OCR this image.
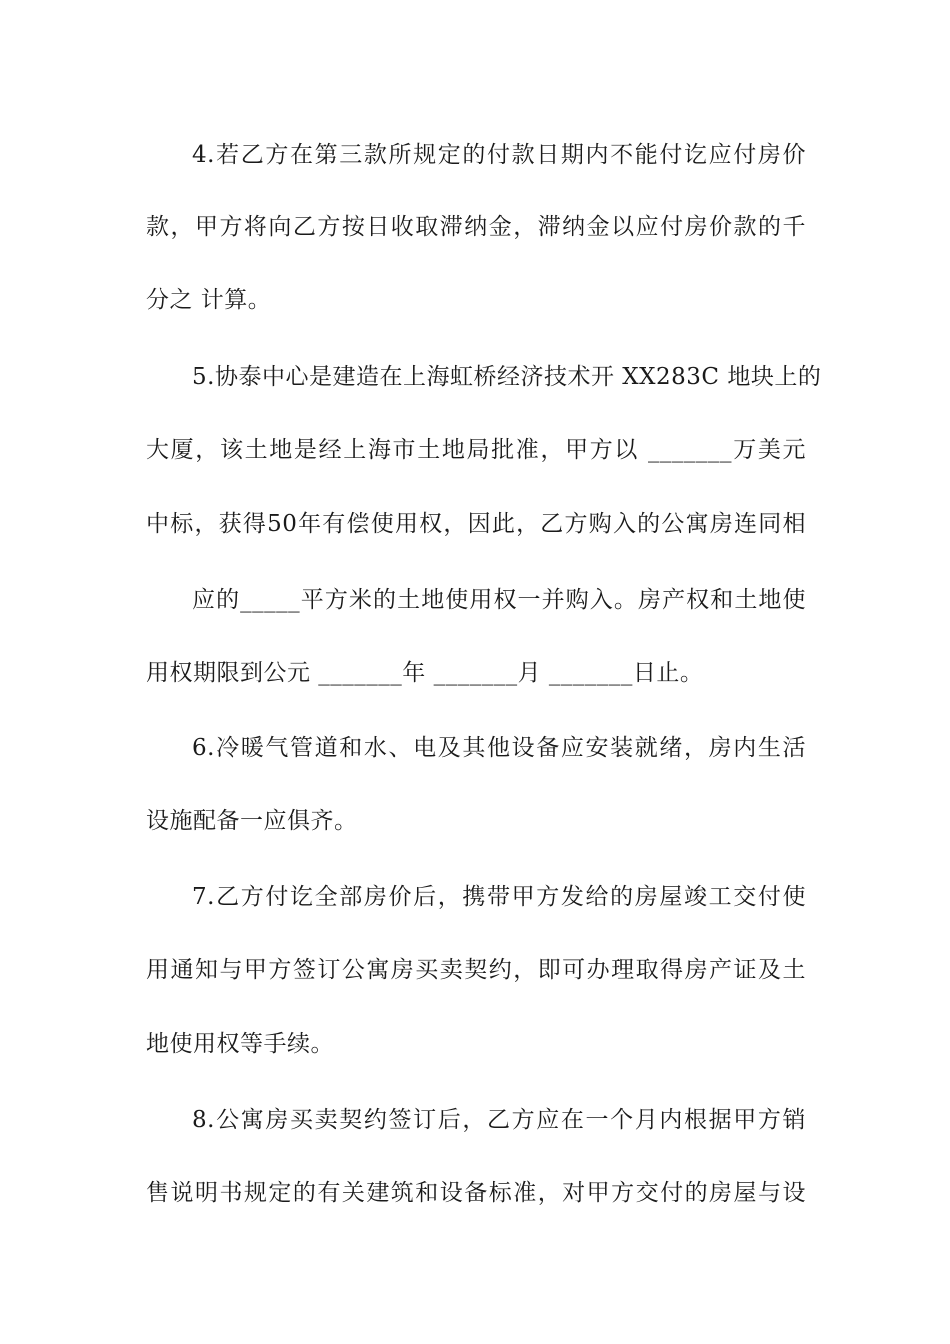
4.若乙方在第三款所规定的付款日期内不能付讫应付房价
款，甲方将向乙方按日收取滞纳金，滞纳金以应付房价款的千
分之 计算。
5.协泰中心是建造在上海虹桥经济技术开 XX283C 地块上的
大厦，该土地是经上海市土地局批准，甲方以 _______万美元
中标，获得50年有偿使用权，因此，乙方购入的公寓房连同相
应的_____平方米的土地使用权一并购入。房产权和土地使
用权期限到公元 _______年 _______月 _______日止。
6.冷暖气管道和水、电及其他设备应安装就绪，房内生活
设施配备一应俱齐。
7.乙方付讫全部房价后，携带甲方发给的房屋竣工交付使
用通知与甲方签订公寓房买卖契约，即可办理取得房产证及土
地使用权等手续。
8.公寓房买卖契约签订后，乙方应在一个月内根据甲方销
售说明书规定的有关建筑和设备标准，对甲方交付的房屋与设
